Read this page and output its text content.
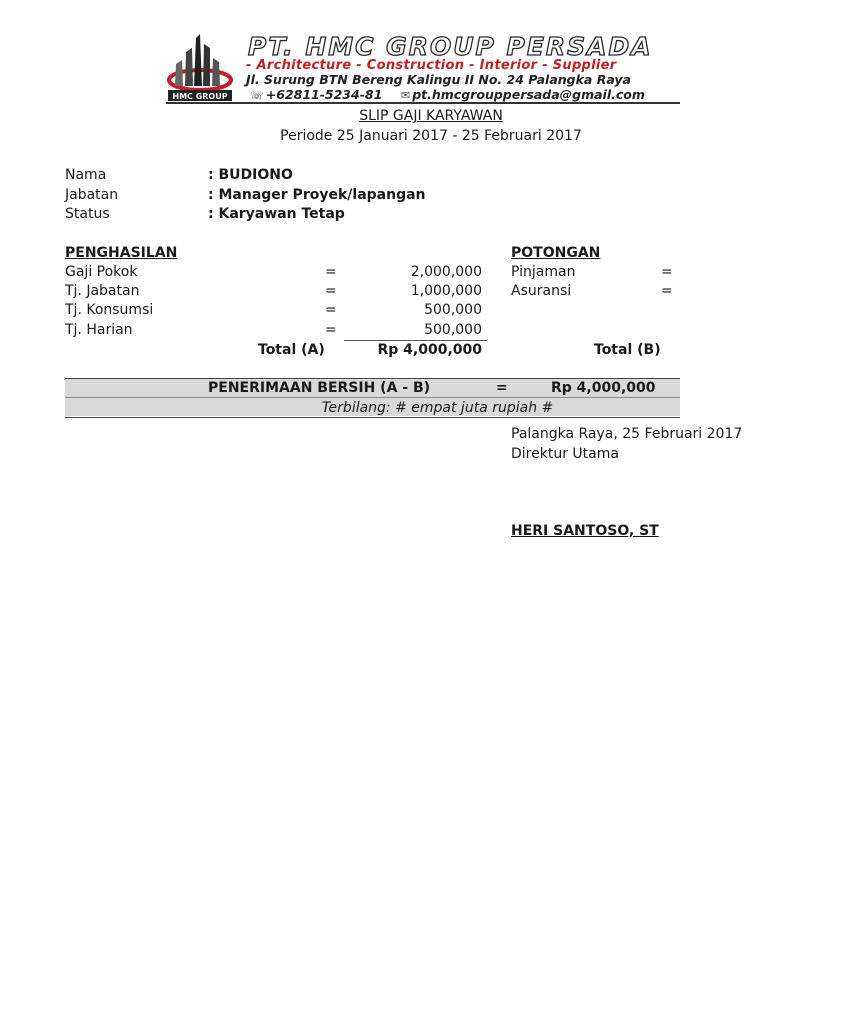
HMC GROUP
PT. HMC GROUP PERSADA
- Architecture - Construction - Interior - Supplier
Jl. Surung BTN Bereng Kalingu II No. 24 Palangka Raya
☏ +62811-5234-81 ✉ pt.hmcgrouppersada@gmail.com
SLIP GAJI KARYAWAN
Periode 25 Januari 2017 - 25 Februari 2017
Nama	: BUDIONO
Jabatan	: Manager Proyek/lapangan
Status	: Karyawan Tetap
PENGHASILAN
Gaji Pokok	=	2,000,000
Tj. Jabatan	=	1,000,000
Tj. Konsumsi	=	500,000
Tj. Harian	=	500,000
Total (A)	Rp 4,000,000
POTONGAN
Pinjaman	=
Asuransi	=
Total (B)
PENERIMAAN BERSIH (A - B)	=	Rp 4,000,000
Terbilang: # empat juta rupiah #
Palangka Raya, 25 Februari 2017
Direktur Utama
HERI SANTOSO, ST
